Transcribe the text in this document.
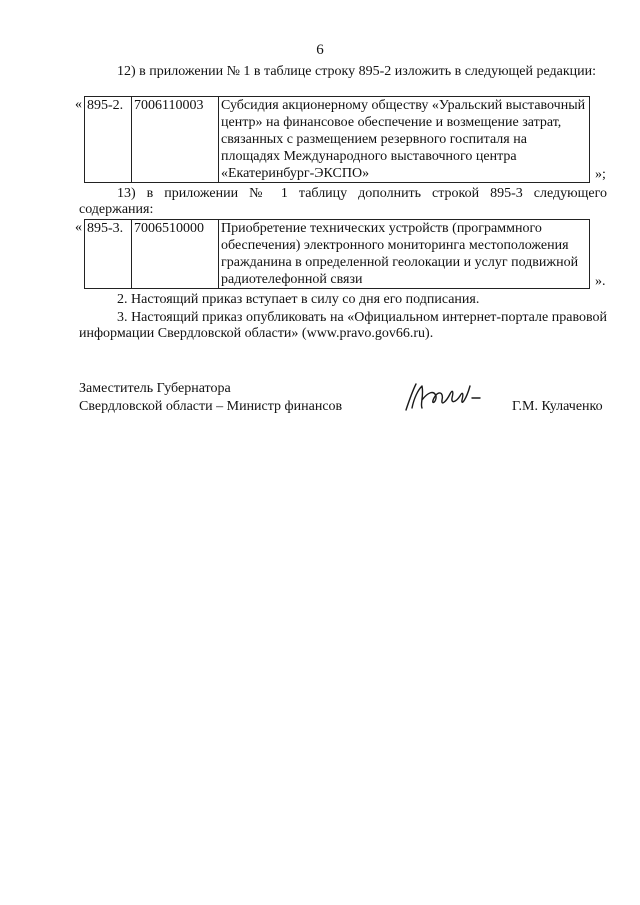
6
12) в приложении № 1 в таблице строку 895-2 изложить в следующей редакции:
« 895-2.	7006110003	Субсидия акционерному обществу «Уральский выставочный центр» на финансовое обеспечение и возмещение затрат, связанных с размещением резервного госпиталя на площадях Международного выставочного центра «Екатеринбург-ЭКСПО»	»;
13) в приложении № 1 таблицу дополнить строкой 895-3 следующего содержания:
« 895-3.	7006510000	Приобретение технических устройств (программного обеспечения) электронного мониторинга местоположения гражданина в определенной геолокации и услуг подвижной радиотелефонной связи	».
2. Настоящий приказ вступает в силу со дня его подписания.
3. Настоящий приказ опубликовать на «Официальном интернет-портале правовой информации Свердловской области» (www.pravo.gov66.ru).
Заместитель Губернатора
Свердловской области – Министр финансов	Г.М. Кулаченко
